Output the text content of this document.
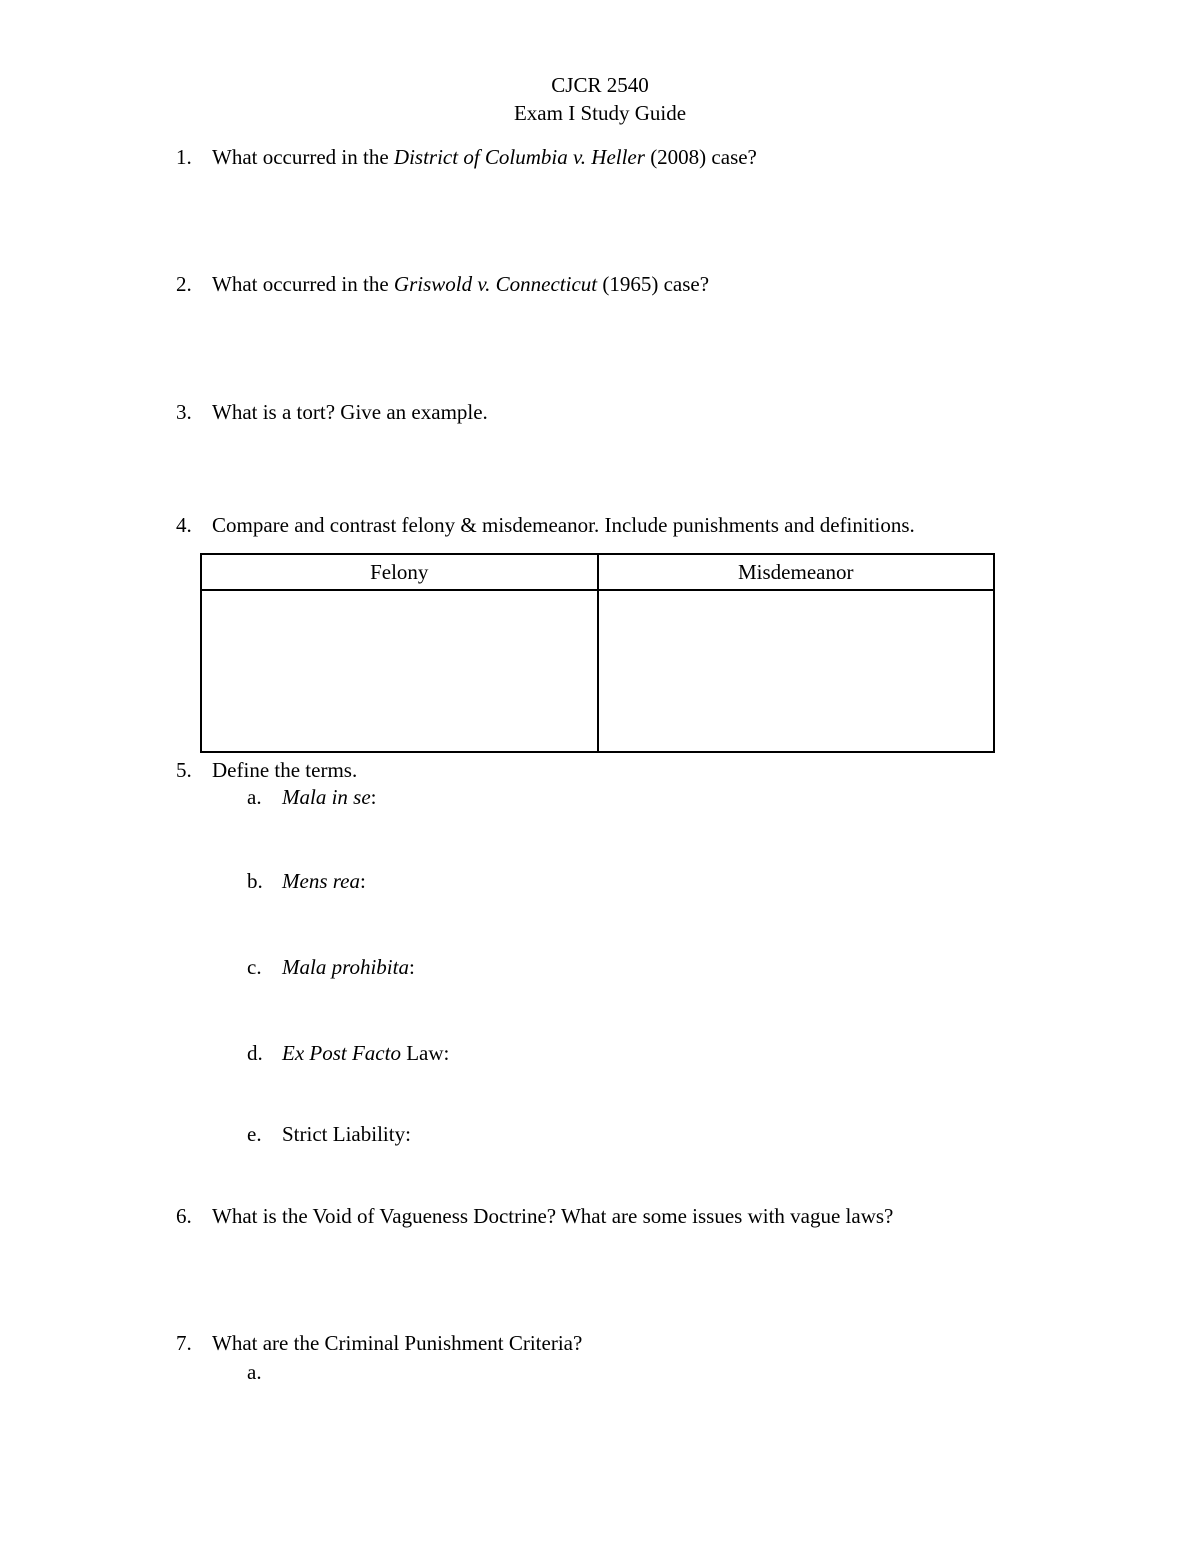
CJCR 2540
Exam I Study Guide
1. What occurred in the District of Columbia v. Heller (2008) case?
2. What occurred in the Griswold v. Connecticut (1965) case?
3. What is a tort? Give an example.
4. Compare and contrast felony & misdemeanor. Include punishments and definitions.
Felony	Misdemeanor

5. Define the terms.
a. Mala in se:
b. Mens rea:
c. Mala prohibita:
d. Ex Post Facto Law:
e. Strict Liability:
6. What is the Void of Vagueness Doctrine? What are some issues with vague laws?
7. What are the Criminal Punishment Criteria?
a.
